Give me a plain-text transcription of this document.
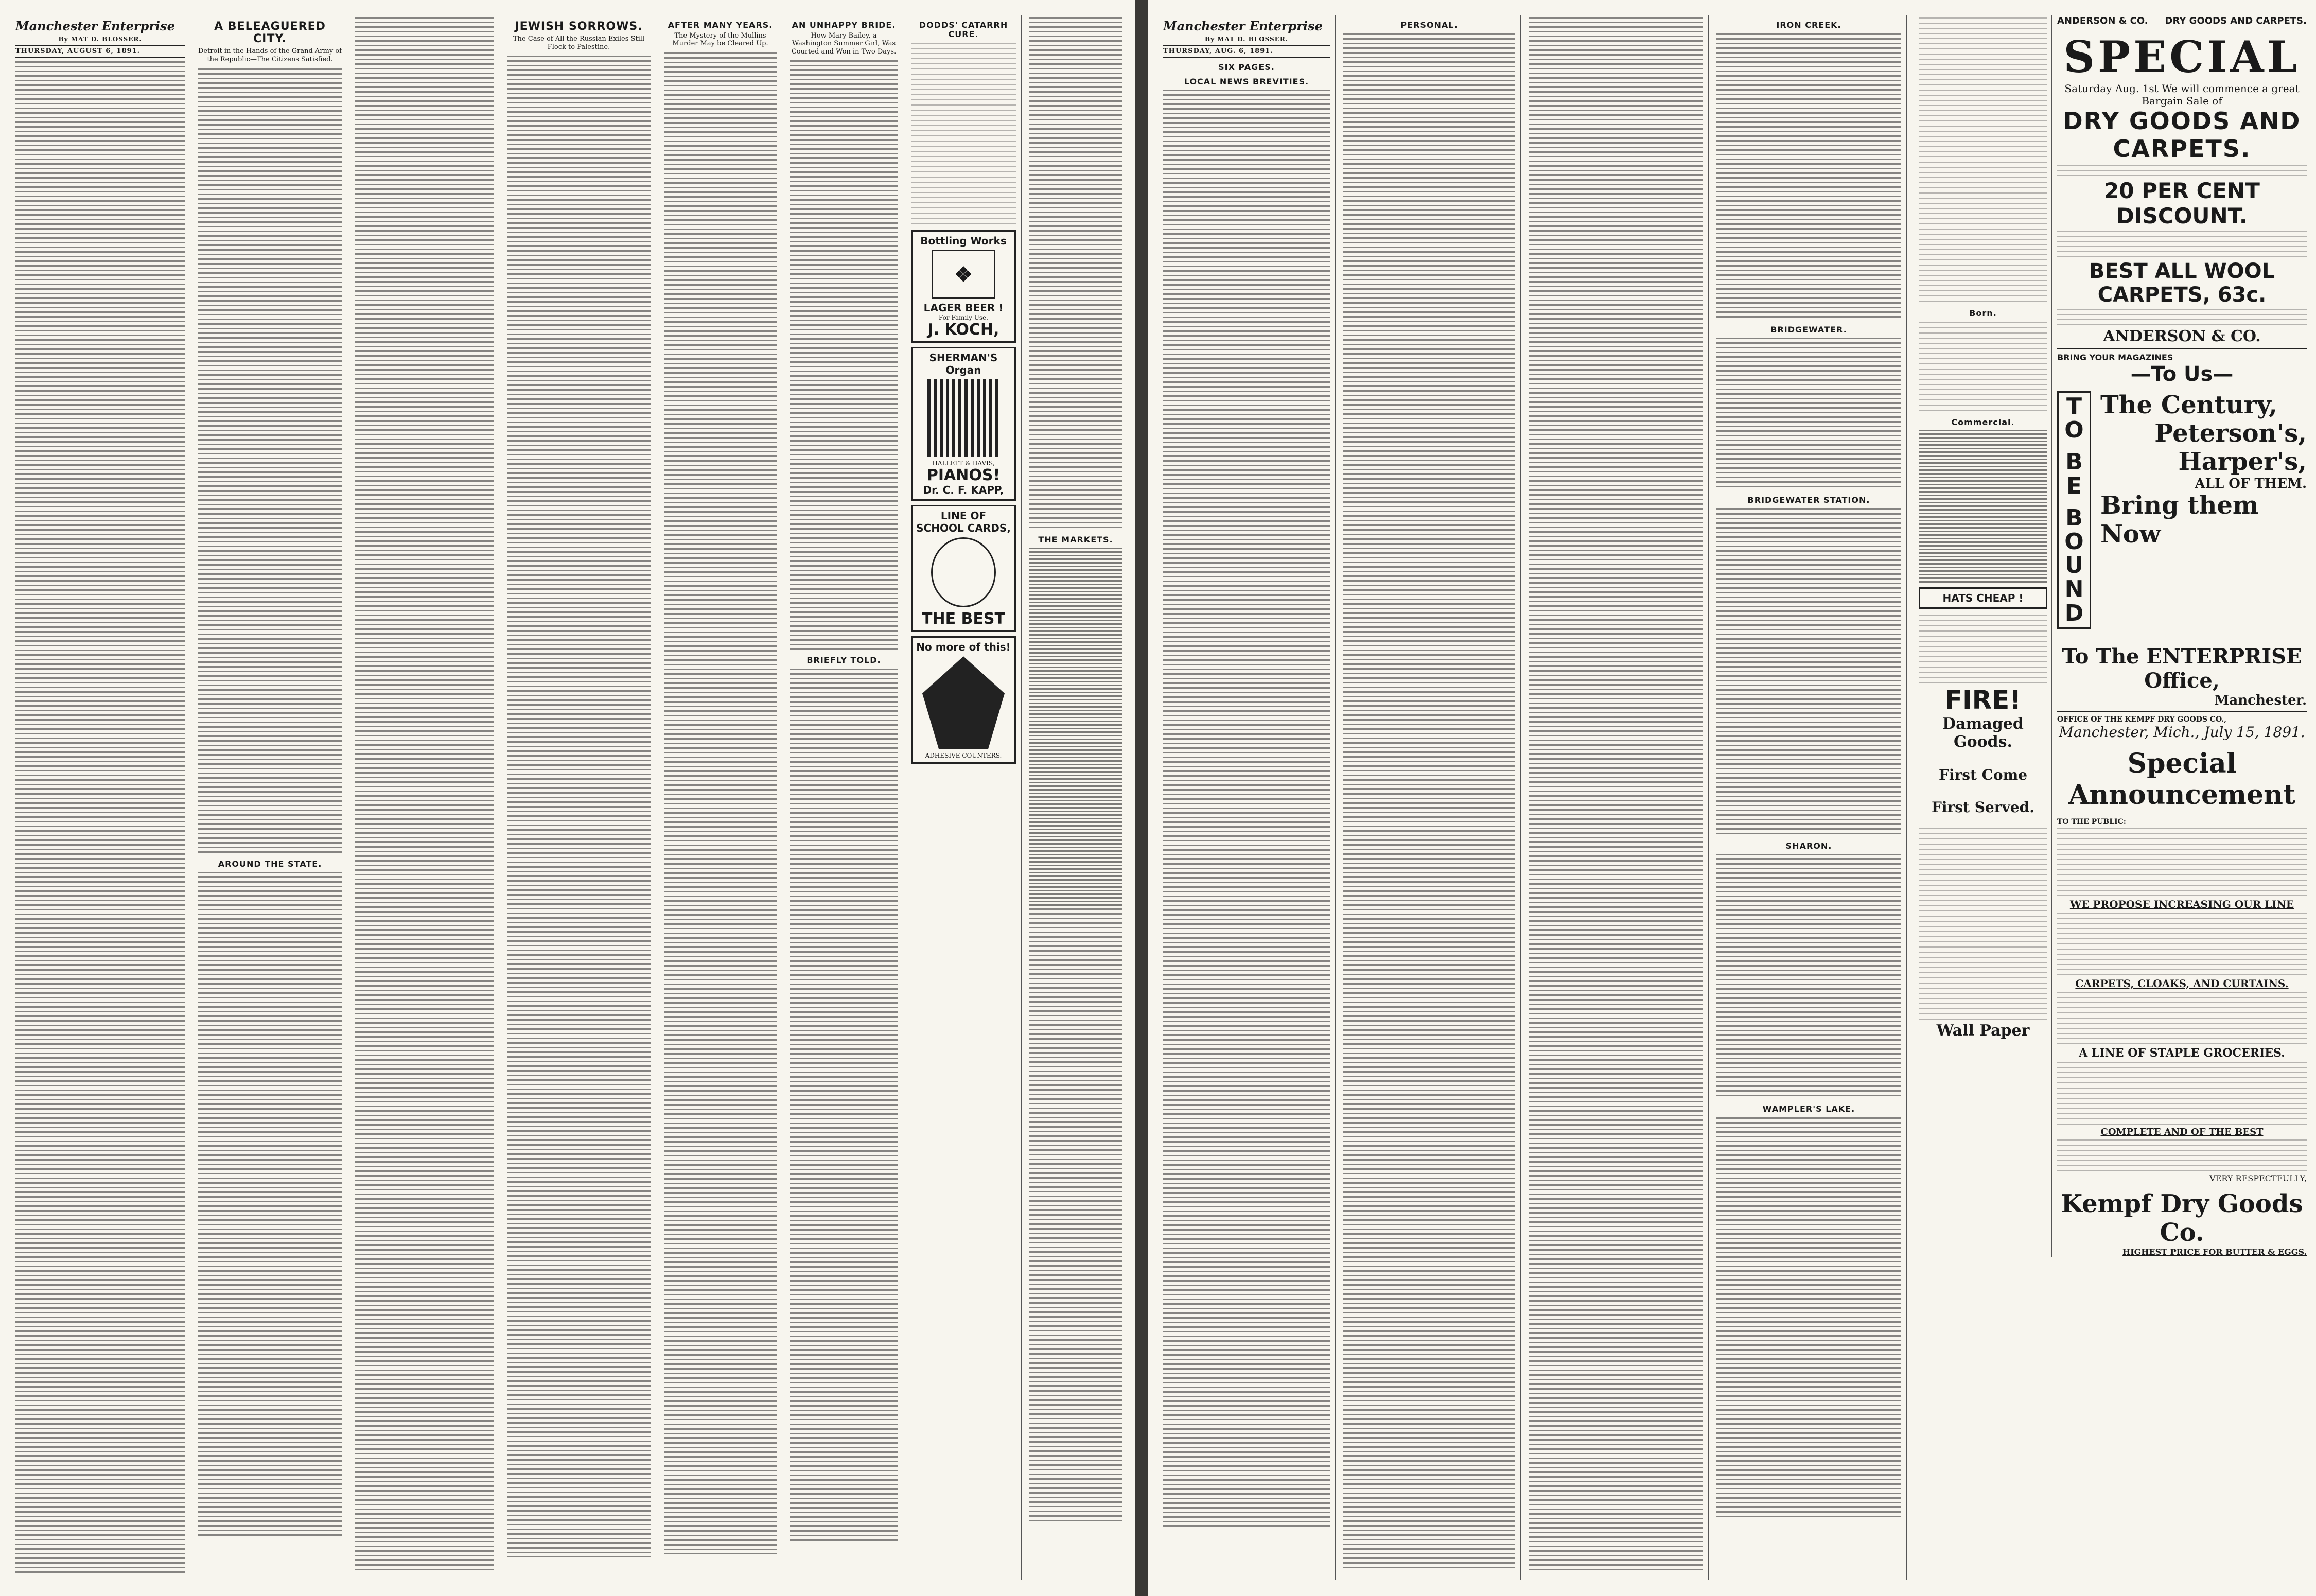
Manchester Enterprise
By MAT D. BLOSSER.
THURSDAY, AUGUST 6, 1891.
A BELEAGUERED CITY.
Detroit in the Hands of the Grand Army of the Republic—The Citizens Satisfied.
AROUND THE STATE.
JEWISH SORROWS.
The Case of All the Russian Exiles Still Flock to Palestine.
AFTER MANY YEARS.
The Mystery of the Mullins Murder May be Cleared Up.
AN UNHAPPY BRIDE.
How Mary Bailey, a Washington Summer Girl, Was Courted and Won in Two Days.
BRIEFLY TOLD.
DODDS' CATARRH CURE.
Bottling Works
❖
LAGER BEER !
For Family Use.
J. KOCH,
SHERMAN'S Organ
HALLETT & DAVIS,
PIANOS!
Dr. C. F. KAPP,
LINE OF SCHOOL CARDS,
THE BEST
No more of this!
ADHESIVE COUNTERS.
THE MARKETS.
Manchester Enterprise
By MAT D. BLOSSER.
THURSDAY, AUG. 6, 1891.
SIX PAGES.
LOCAL NEWS BREVITIES.
PERSONAL.	IRON CREEK.
BRIDGEWATER.
BRIDGEWATER STATION.
SHARON.
WAMPLER'S LAKE.
Born.
Commercial.
HATS CHEAP !
FIRE!
Damaged Goods.
First Come
First Served.
Wall Paper
ANDERSON & CO. DRY GOODS AND CARPETS.
SPECIAL
Saturday Aug. 1st We will commence a great Bargain Sale of
DRY GOODS AND CARPETS.
20 PER CENT DISCOUNT.
BEST ALL WOOL CARPETS, 63c.
ANDERSON & CO.
BRING YOUR MAGAZINES
—To Us—
T
O
B
E
B
O
U
N
D
The Century,
Peterson's,
Harper's,
ALL OF THEM.
Bring them Now
To The ENTERPRISE Office,
Manchester.
OFFICE OF THE KEMPF DRY GOODS CO.,
Manchester, Mich., July 15, 1891.
Special Announcement
TO THE PUBLIC:
WE PROPOSE INCREASING OUR LINE
CARPETS, CLOAKS, AND CURTAINS.
A LINE OF STAPLE GROCERIES.
COMPLETE AND OF THE BEST
VERY RESPECTFULLY,
Kempf Dry Goods Co.
HIGHEST PRICE FOR BUTTER & EGGS.
